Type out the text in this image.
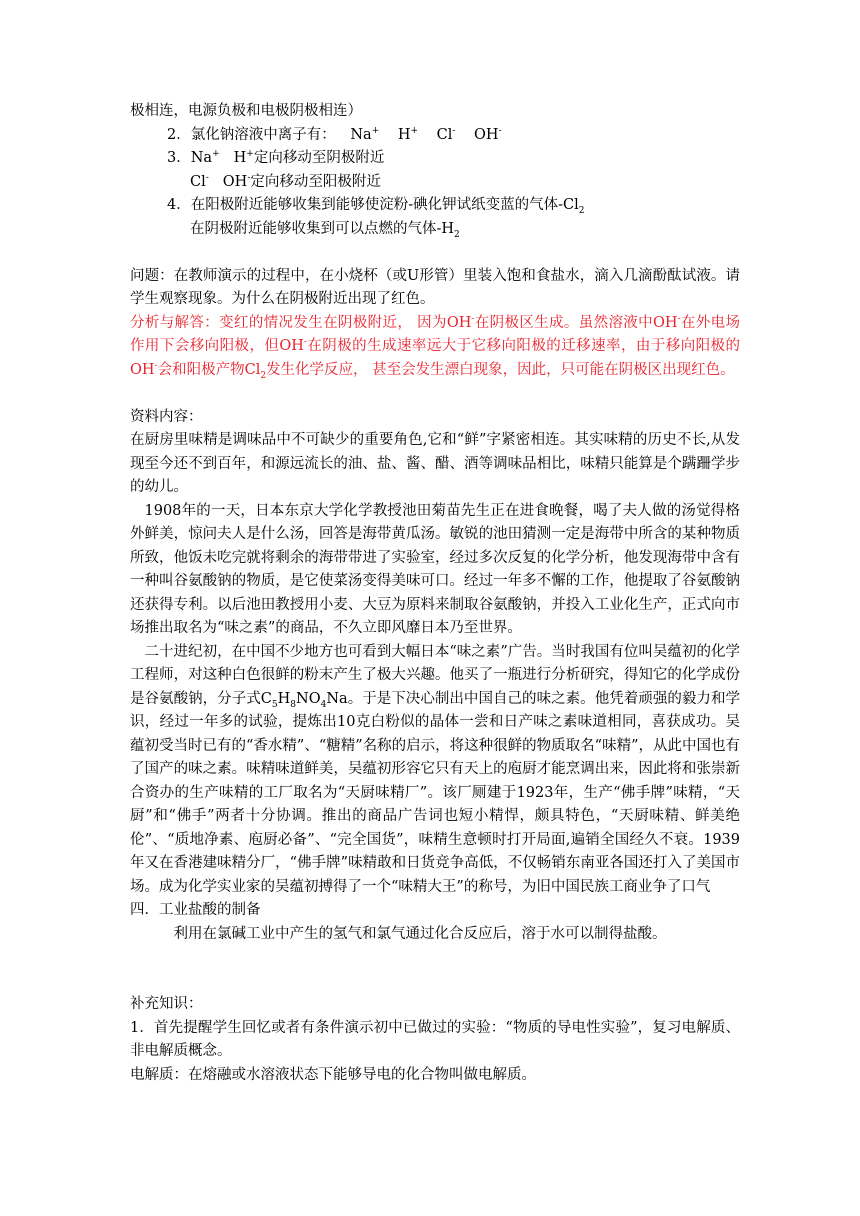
极相连，电源负极和电极阴极相连）
2．氯化钠溶液中离子有： Na+ H+ Cl- OH-
3．Na+ H+定向移动至阴极附近
Cl- OH-定向移动至阳极附近
4．在阳极附近能够收集到能够使淀粉-碘化钾试纸变蓝的气体$-Cl_2$
在阴极附近能够收集到可以点燃的气体$-H_2$
问题：在教师演示的过程中，在小烧杯（或U形管）里装入饱和食盐水，滴入几滴酚酞试液。请学生观察现象。为什么在阴极附近出现了红色。
分析与解答：变红的情况发生在阴极附近， 因为OH-在阴极区生成。虽然溶液中OH-在外电场作用下会移向阳极，但OH-在阴极的生成速率远大于它移向阳极的迁移速率，由于移向阳极的OH-会和阳极产物$Cl_2$发生化学反应， 甚至会发生漂白现象，因此，只可能在阴极区出现红色。
资料内容：
在厨房里味精是调味品中不可缺少的重要角色,它和“鲜”字紧密相连。其实味精的历史不长,从发现至今还不到百年，和源远流长的油、盐、酱、醋、酒等调味品相比，味精只能算是个蹒跚学步的幼儿。
1908年的一天，日本东京大学化学教授池田菊苗先生正在进食晚餐，喝了夫人做的汤觉得格外鲜美，惊问夫人是什么汤，回答是海带黄瓜汤。敏锐的池田猜测一定是海带中所含的某种物质所致，他饭未吃完就将剩余的海带带进了实验室，经过多次反复的化学分析，他发现海带中含有一种叫谷氨酸钠的物质，是它使菜汤变得美味可口。经过一年多不懈的工作，他提取了谷氨酸钠还获得专利。以后池田教授用小麦、大豆为原料来制取谷氨酸钠，并投入工业化生产，正式向市场推出取名为“味之素”的商品，不久立即风靡日本乃至世界。
二十进纪初，在中国不少地方也可看到大幅日本“味之素”广告。当时我国有位叫吴蕴初的化学工程师，对这种白色很鲜的粉末产生了极大兴趣。他买了一瓶进行分析研究，得知它的化学成份是谷氨酸钠，分子式$C_5H_8NO_4Na$。于是下决心制出中国自己的味之素。他凭着顽强的毅力和学识，经过一年多的试验，提炼出10克白粉似的晶体一尝和日产味之素味道相同，喜获成功。吴蕴初受当时已有的“香水精”、“糖精”名称的启示，将这种很鲜的物质取名“味精”，从此中国也有了国产的味之素。味精味道鲜美，吴蕴初形容它只有天上的庖厨才能烹调出来，因此将和张崇新合资办的生产味精的工厂取名为“天厨味精厂”。该厂厕建于1923年，生产“佛手牌”味精，“天厨”和“佛手”两者十分协调。推出的商品广告词也短小精悍，颇具特色，“天厨味精、鲜美绝伦”、“质地净素、庖厨必备”、“完全国货”，味精生意顿时打开局面,遍销全国经久不衰。1939年又在香港建味精分厂，“佛手牌”味精敢和日货竞争高低，不仅畅销东南亚各国还打入了美国市场。成为化学实业家的吴蕴初搏得了一个“味精大王”的称号，为旧中国民族工商业争了口气
四．工业盐酸的制备
利用在氯碱工业中产生的氢气和氯气通过化合反应后，溶于水可以制得盐酸。
补充知识：
1．首先提醒学生回忆或者有条件演示初中已做过的实验：“物质的导电性实验”，复习电解质、非电解质概念。
电解质：在熔融或水溶液状态下能够导电的化合物叫做电解质。
